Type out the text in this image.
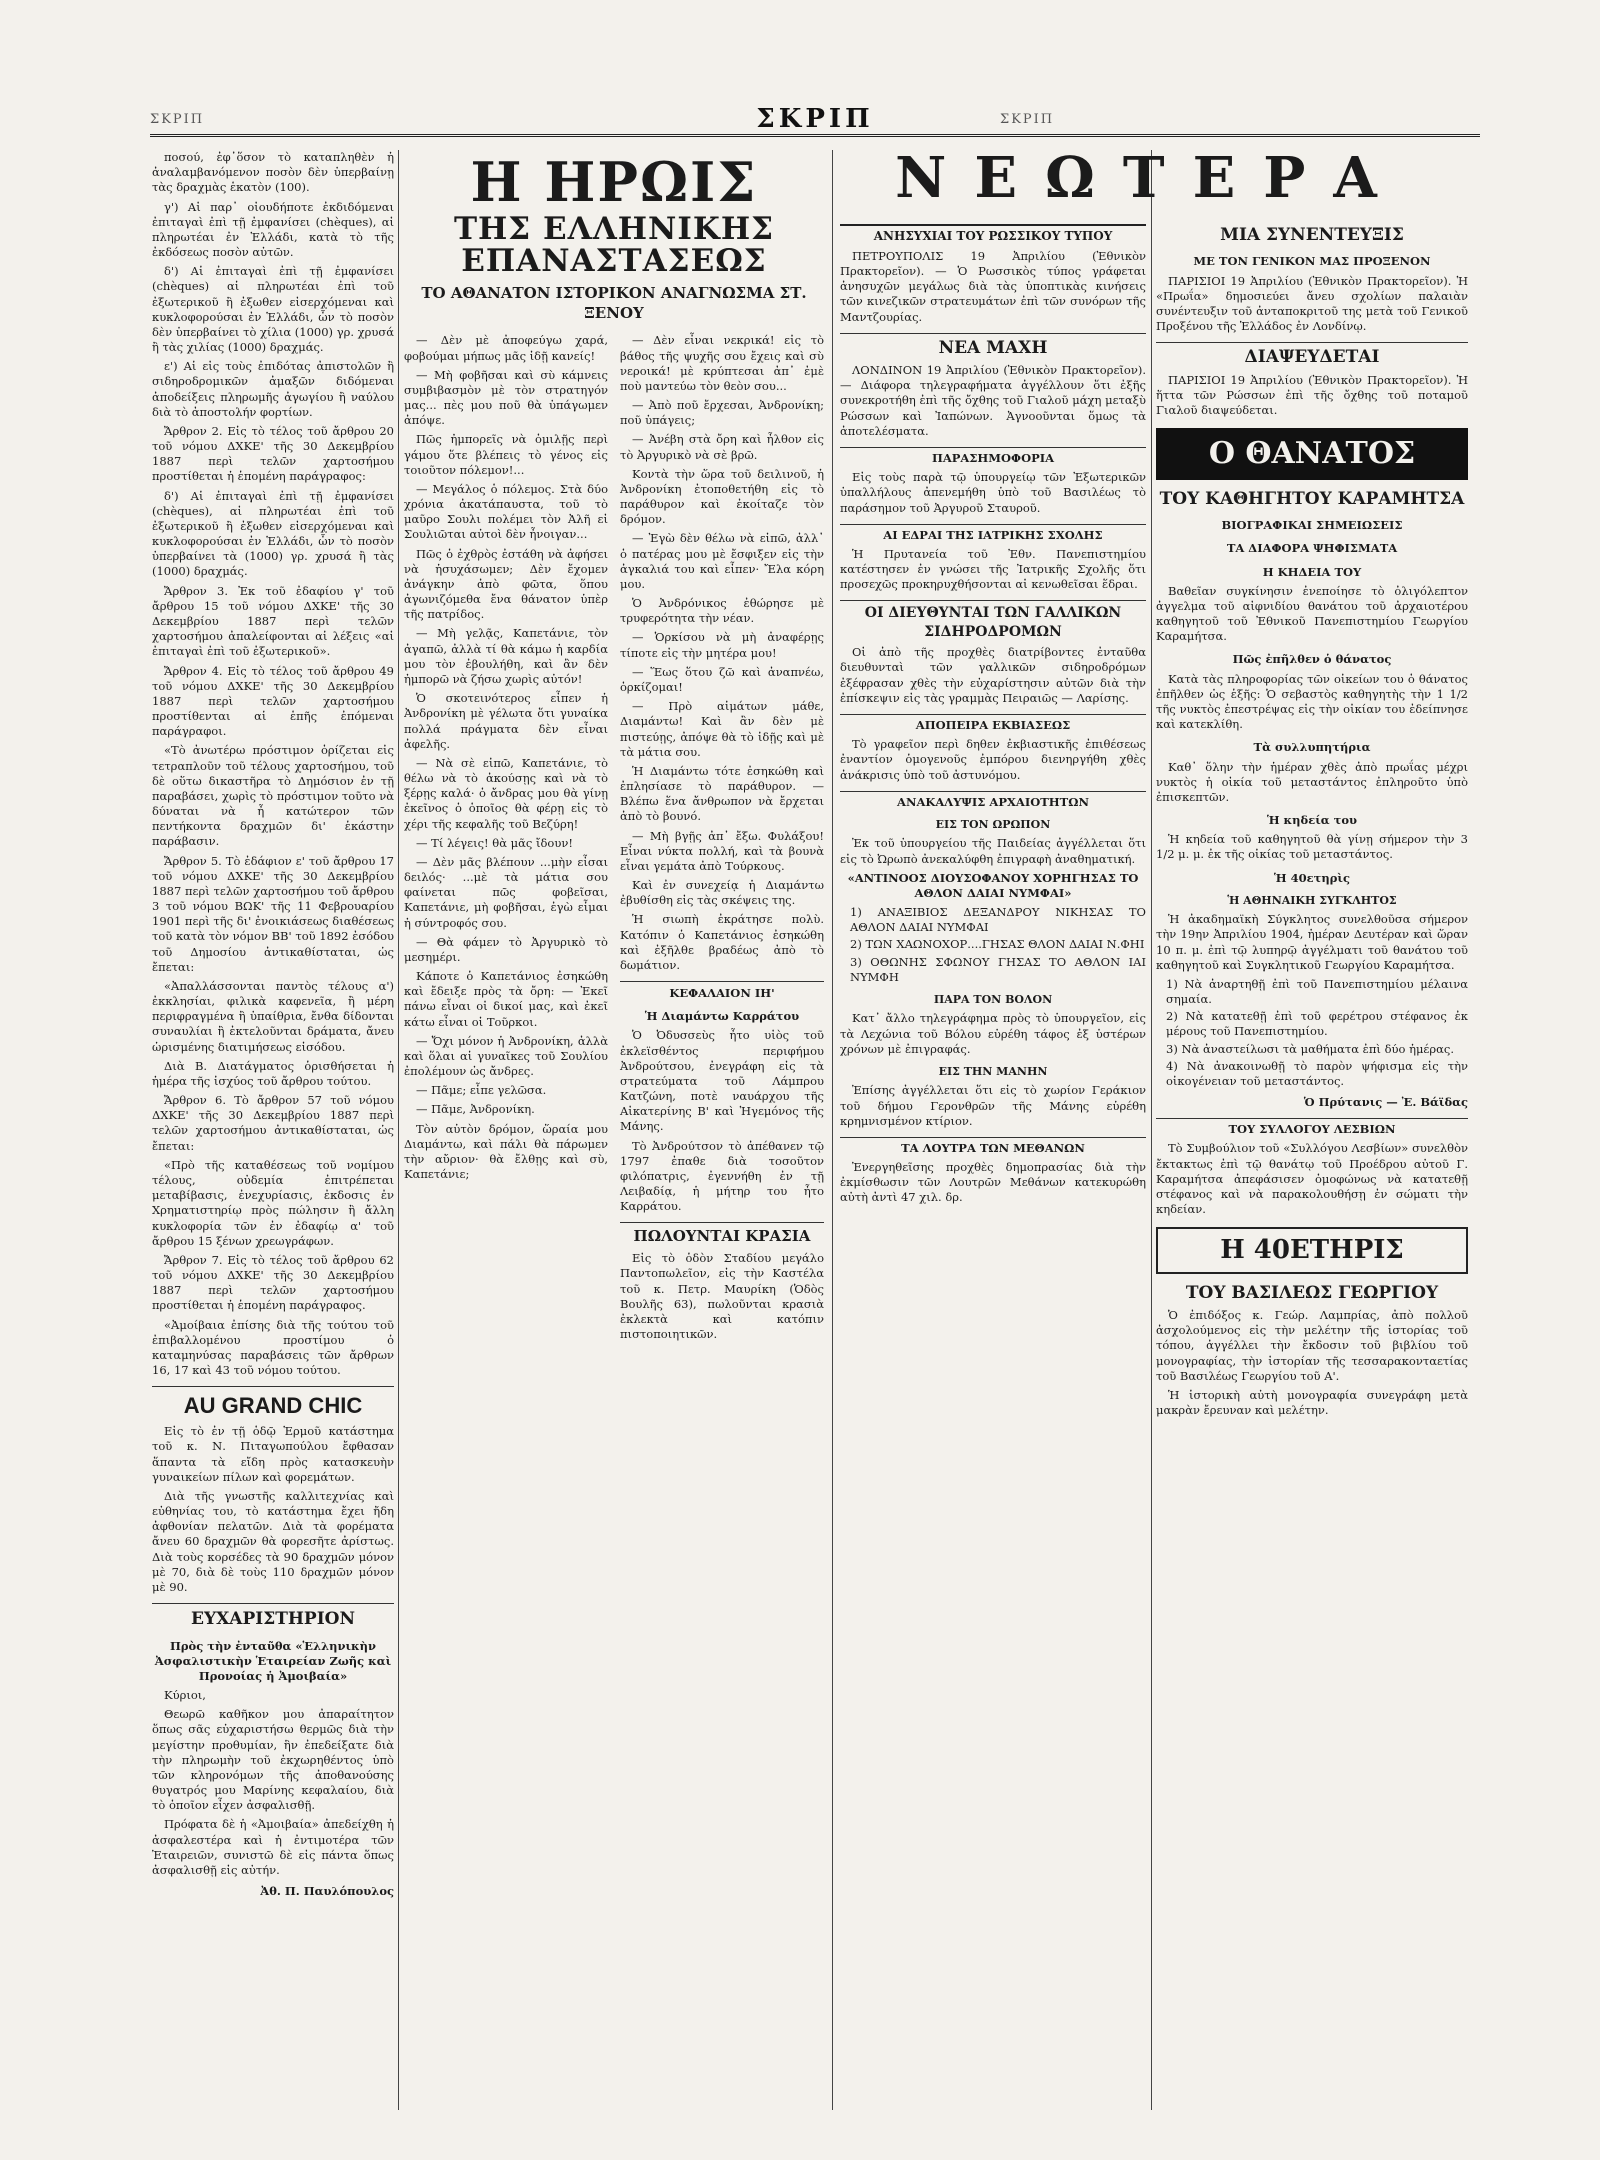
ΣΚΡΙΠ	ΣΚΡΙΠ	ΣΚΡΙΠ

ποσού, ἐφ᾽ὅσον τὸ καταπληθὲν ἡ ἀναλαμβανόμενον ποσὸν δὲν ὑπερβαίνῃ τὰς δραχμὰς ἑκατὸν (100).

γ') Αἱ παρ᾽ οἰουδήποτε ἐκδιδόμεναι ἐπιταγαὶ ἐπὶ τῇ ἐμφανίσει (chèques), αἱ πληρωτέαι ἐν Ἑλλάδι, κατὰ τὸ τῆς ἐκδόσεως ποσὸν αὐτῶν.

δ') Αἱ ἐπιταγαὶ ἐπὶ τῇ ἐμφανίσει (chèques) αἱ πληρωτέαι ἐπὶ τοῦ ἐξωτερικοῦ ἢ ἐξωθεν εἰσερχόμεναι καὶ κυκλοφορούσαι ἐν Ἑλλάδι, ὧν τὸ ποσὸν δὲν ὑπερβαίνει τὸ χίλια (1000) γρ. χρυσά ἢ τὰς χιλίας (1000) δραχμάς.

ε') Αἱ εἰς τοὺς ἐπιδότας ἀπιστολῶν ἢ σιδηροδρομικῶν ἀμαξῶν διδόμεναι ἀποδείξεις πληρωμῆς ἀγωγίου ἢ ναύλου διὰ τὸ ἀποστολήν φορτίων.

Ἄρθρον 2. Εἰς τὸ τέλος τοῦ ἄρθρου 20 τοῦ νόμου ΔΧΚΕ' τῆς 30 Δεκεμβρίου 1887 περὶ τελῶν χαρτοσήμου προστίθεται ἡ ἑπομένη παράγραφος:

δ') Αἱ ἐπιταγαὶ ἐπὶ τῇ ἐμφανίσει (chèques), αἱ πληρωτέαι ἐπὶ τοῦ ἐξωτερικοῦ ἢ ἐξωθεν εἰσερχόμεναι καὶ κυκλοφορούσαι ἐν Ἑλλάδι, ὧν τὸ ποσὸν ὑπερβαίνει τὰ (1000) γρ. χρυσά ἢ τὰς (1000) δραχμάς.

Ἄρθρον 3. Ἐκ τοῦ ἐδαφίου γ' τοῦ ἄρθρου 15 τοῦ νόμου ΔΧΚΕ' τῆς 30 Δεκεμβρίου 1887 περὶ τελῶν χαρτοσήμου ἀπαλείφονται αἱ λέξεις «αἱ ἐπιταγαὶ ἐπὶ τοῦ ἐξωτερικοῦ».

Ἄρθρον 4. Εἰς τὸ τέλος τοῦ ἄρθρου 49 τοῦ νόμου ΔΧΚΕ' τῆς 30 Δεκεμβρίου 1887 περὶ τελῶν χαρτοσήμου προστίθενται αἱ ἑπῆς ἐπόμεναι παράγραφοι.

«Τὸ ἀνωτέρω πρόστιμον ὁρίζεται εἰς τετραπλοῦν τοῦ τέλους χαρτοσήμου, τοῦ δὲ οὕτω δικαστῆρα τὸ Δημόσιον ἐν τῇ παραβάσει, χωρὶς τὸ πρόστιμον τοῦτο νὰ δύναται νὰ ἦ κατώτερον τῶν πεντήκοντα δραχμῶν δι' ἑκάστην παράβασιν.

Ἄρθρον 5. Τὸ ἐδάφιον ε' τοῦ ἄρθρου 17 τοῦ νόμου ΔΧΚΕ' τῆς 30 Δεκεμβρίου 1887 περὶ τελῶν χαρτοσήμου τοῦ ἄρθρου 3 τοῦ νόμου ΒΩΚ' τῆς 11 Φεβρουαρίου 1901 περὶ τῆς δι' ἐνοικιάσεως διαθέσεως τοῦ κατὰ τὸν νόμον ΒΒ' τοῦ 1892 ἐσόδου τοῦ Δημοσίου ἀντικαθίσταται, ὡς ἔπεται:

«Ἀπαλλάσσονται παντὸς τέλους α') ἐκκλησίαι, φιλικὰ καφενεῖα, ἢ μέρη περιφραγμένα ἢ ὑπαίθρια, ἔνθα δίδονται συναυλίαι ἢ ἐκτελοῦνται δράματα, ἄνευ ὡρισμένης διατιμήσεως εἰσόδου.

Διὰ Β. Διατάγματος ὁρισθήσεται ἡ ἡμέρα τῆς ἰσχύος τοῦ ἄρθρου τούτου.

Ἄρθρον 6. Τὸ ἄρθρον 57 τοῦ νόμου ΔΧΚΕ' τῆς 30 Δεκεμβρίου 1887 περὶ τελῶν χαρτοσήμου ἀντικαθίσταται, ὡς ἔπεται:

«Πρὸ τῆς καταθέσεως τοῦ νομίμου τέλους, οὐδεμία ἐπιτρέπεται μεταβίβασις, ἐνεχυρίασις, ἐκδοσις ἐν Χρηματιστηρίῳ πρὸς πώλησιν ἢ ἄλλη κυκλοφορία τῶν ἐν ἐδαφίῳ α' τοῦ ἄρθρου 15 ξένων χρεωγράφων.

Ἄρθρον 7. Εἰς τὸ τέλος τοῦ ἄρθρου 62 τοῦ νόμου ΔΧΚΕ' τῆς 30 Δεκεμβρίου 1887 περὶ τελῶν χαρτοσήμου προστίθεται ἡ ἑπομένη παράγραφος.

«Ἀμοίβαια ἐπίσης διὰ τῆς τούτου τοῦ ἐπιβαλλομένου προστίμου ὁ καταμηνύσας παραβάσεις τῶν ἄρθρων 16, 17 καὶ 43 τοῦ νόμου τούτου.

AU GRAND CHIC

Εἰς τὸ ἐν τῇ ὁδῷ Ἑρμοῦ κατάστημα τοῦ κ. Ν. Πιταγωπούλου ἔφθασαν ἅπαντα τὰ εἴδη πρὸς κατασκευὴν γυναικείων πίλων καὶ φορεμάτων.

Διὰ τῆς γνωστῆς καλλιτεχνίας καὶ εὐθηνίας του, τὸ κατάστημα ἔχει ἤδη ἀφθονίαν πελατῶν. Διὰ τὰ φορέματα ἄνευ 60 δραχμῶν θὰ φορεσῆτε ἀρίστως. Διὰ τοὺς κορσέδες τὰ 90 δραχμῶν μόνον μὲ 70, διὰ δὲ τοὺς 110 δραχμῶν μόνον μὲ 90.

ΕΥΧΑΡΙΣΤΗΡΙΟΝ
Πρὸς τὴν ἐνταῦθα «Ἑλληνικὴν Ἀσφαλιστικὴν Ἑταιρείαν Ζωῆς καὶ Προνοίας ἡ Ἀμοιβαία»

Κύριοι,

Θεωρῶ καθῆκον μου ἀπαραίτητον ὅπως σᾶς εὐχαριστήσω θερμῶς διὰ τὴν μεγίστην προθυμίαν, ἣν ἐπεδείξατε διὰ τὴν πληρωμὴν τοῦ ἐκχωρηθέντος ὑπὸ τῶν κληρονόμων τῆς ἀποθανούσης θυγατρός μου Μαρίνης κεφαλαίου, διὰ τὸ ὁποῖον εἶχεν ἀσφαλισθῇ.

Πρόφατα δὲ ἡ «Ἀμοιβαία» ἀπεδείχθη ἡ ἀσφαλεστέρα καὶ ἡ ἐντιμοτέρα τῶν Ἐταιρειῶν, συνιστῶ δὲ εἰς πάντα ὅπως ἀσφαλισθῇ εἰς αὐτήν.

Ἀθ. Π. Παυλόπουλος
Η ΗΡΩΙΣ
ΤΗΣ ΕΛΛΗΝΙΚΗΣ ΕΠΑΝΑΣΤΑΣΕΩΣ
ΤΟ ΑΘΑΝΑΤΟΝ ΙΣΤΟΡΙΚΟΝ ΑΝΑΓΝΩΣΜΑ ΣΤ. ΞΕΝΟΥ

— Δὲν μὲ ἀποφεύγω χαρά, φοβούμαι μήπως μᾶς ἰδῇ κανείς!

— Μὴ φοβῆσαι καὶ σὺ κάμνεις συμβιβασμὸν μὲ τὸν στρατηγόν μας... πὲς μου ποῦ θὰ ὑπάγωμεν ἀπόψε.

Πῶς ἠμπορεῖς νὰ ὁμιλῇς περὶ γάμου ὅτε βλέπεις τὸ γένος εἰς τοιοῦτον πόλεμον!...

— Μεγάλος ὁ πόλεμος. Στὰ δύο χρόνια ἀκατάπαυστα, τοῦ τὸ μαῦρο Σουλι πολέμει τὸν Ἀλῆ εἰ Σουλιῶται αὐτοὶ δὲν ἦνοιγαν...

Πῶς ὁ ἐχθρὸς ἐστάθη νὰ ἀφήσει νὰ ἡσυχάσωμεν; Δὲν ἔχομεν ἀνάγκην ἀπὸ φῶτα, ὅπου ἀγωνιζόμεθα ἔνα θάνατον ὑπὲρ τῆς πατρίδος.

— Μὴ γελᾷς, Καπετάνιε, τὸν ἀγαπῶ, ἀλλὰ τί θὰ κάμω ἡ καρδία μου τὸν ἐβουλήθη, καὶ ἂν δὲν ἠμπορῶ νὰ ζήσω χωρὶς αὐτόν!

Ὁ σκοτεινότερος εἶπεν ἡ Ἀνδρονίκη μὲ γέλωτα ὅτι γυναίκα πολλά πράγματα δὲν εἶναι ἀφελῆς.

— Νὰ σὲ εἰπῶ, Καπετάνιε, τὸ θέλω νὰ τὸ ἀκούσῃς καὶ νὰ τὸ ξέρῃς καλά· ὁ ἄνδρας μου θὰ γίνῃ ἐκεῖνος ὁ ὁποῖος θὰ φέρῃ εἰς τὸ χέρι τῆς κεφαλῆς τοῦ Βεζύρη!

— Τί λέγεις! θὰ μᾶς ἴδουν!

— Δὲν μᾶς βλέπουν ...μὴν εἶσαι δειλός· ...μὲ τὰ μάτια σου φαίνεται πῶς φοβεῖσαι, Καπετάνιε, μὴ φοβῆσαι, ἐγὼ εἶμαι ἡ σύντροφός σου.

— Θὰ φάμεν τὸ Ἀργυρικὸ τὸ μεσημέρι.

Κάποτε ὁ Καπετάνιος ἐσηκώθη καὶ ἔδειξε πρὸς τὰ ὄρη: — Ἐκεῖ πάνω εἶναι οἱ δικοί μας, καὶ ἐκεῖ κάτω εἶναι οἱ Τοῦρκοι.

— Ὄχι μόνον ἡ Ἀνδρονίκη, ἀλλὰ καὶ ὅλαι αἱ γυναῖκες τοῦ Σουλίου ἐπολέμουν ὡς ἄνδρες.

— Πᾶμε; εἶπε γελῶσα.

— Πᾶμε, Ἀνδρονίκη.

Τὸν αὐτὸν δρόμον, ὥραία μου Διαμάντω, καὶ πάλι θὰ πάρωμεν τὴν αὔριον· θὰ ἔλθῃς καὶ σὺ, Καπετάνιε;

— Δὲν εἶναι νεκρικά! εἰς τὸ βάθος τῆς ψυχῆς σου ἔχεις καὶ σὺ νεροικά! μὲ κρύπτεσαι ἀπ᾽ ἐμὲ ποὺ μαντεύω τὸν θεὸν σου...

— Ἀπὸ ποῦ ἔρχεσαι, Ἀνδρονίκη; ποῦ ὑπάγεις;

— Ἀνέβη στὰ ὄρη καὶ ἦλθον εἰς τὸ Ἀργυρικὸ νὰ σὲ βρῶ.

Κοντὰ τὴν ὥρα τοῦ δειλινοῦ, ἡ Ἀνδρονίκη ἐτοποθετήθη εἰς τὸ παράθυρον καὶ ἐκοίταζε τὸν δρόμον.

— Ἐγὼ δὲν θέλω νὰ εἰπῶ, ἀλλ᾽ ὁ πατέρας μου μὲ ἔσφιξεν εἰς τὴν ἀγκαλιά του καὶ εἶπεν· Ἔλα κόρη μου.

Ὁ Ἀνδρόνικος ἐθώρησε μὲ τρυφερότητα τὴν νέαν.

— Ὁρκίσου νὰ μὴ ἀναφέρῃς τίποτε εἰς τὴν μητέρα μου!

— Ἕως ὅτου ζῶ καὶ ἀναπνέω, ὁρκίζομαι!

— Πρὸ αἰμάτων μάθε, Διαμάντω! Καὶ ἂν δὲν μὲ πιστεύῃς, ἀπόψε θὰ τὸ ἰδῇς καὶ μὲ τὰ μάτια σου.

Ἡ Διαμάντω τότε ἐσηκώθη καὶ ἐπλησίασε τὸ παράθυρον. — Βλέπω ἕνα ἄνθρωπον νὰ ἔρχεται ἀπὸ τὸ βουνό.

— Μὴ βγῇς ἀπ᾽ ἔξω. Φυλάξου! Εἶναι νύκτα πολλή, καὶ τὰ βουνὰ εἶναι γεμάτα ἀπὸ Τούρκους.

Καὶ ἐν συνεχείᾳ ἡ Διαμάντω ἐβυθίσθη εἰς τὰς σκέψεις της.

Ἡ σιωπὴ ἐκράτησε πολὺ. Κατόπιν ὁ Καπετάνιος ἐσηκώθη καὶ ἐξῆλθε βραδέως ἀπὸ τὸ δωμάτιον.

ΚΕΦΑΛΑΙΟΝ ΙΗ'
Ἡ Διαμάντω Καρράτου

Ὁ Ὀδυσσεὺς ἦτο υἱὸς τοῦ ἐκλεϊσθέντος περιφήμου Ἀνδρούτσου, ἐνεγράφη εἰς τὰ στρατεύματα τοῦ Λάμπρου Κατζώνη, ποτὲ ναυάρχου τῆς Αἰκατερίνης Β' καὶ Ἡγεμόνος τῆς Μάνης.

Τὸ Ἀνδρούτσον τὸ ἀπέθανεν τῷ 1797 ἐπαθε διὰ τοσοῦτον φιλόπατρις, ἐγεννήθη ἐν τῇ Λειβαδίᾳ, ἡ μήτηρ του ἦτο Καρράτου.

ΠΩΛΟΥΝΤΑΙ ΚΡΑΣΙΑ

Εἰς τὸ ὁδὸν Σταδίου μεγάλο Παντοπωλεῖον, εἰς τὴν Καστέλα τοῦ κ. Πετρ. Μαυρίκη (Ὁδὸς Βουλῆς 63), πωλοῦνται κρασιὰ ἐκλεκτὰ καὶ κατόπιν πιστοποιητικῶν.

ΝΕΩΤΕΡΑ
ΑΝΗΣΥΧΙΑΙ ΤΟΥ ΡΩΣΣΙΚΟΥ ΤΥΠΟΥ

ΠΕΤΡΟΥΠΟΛΙΣ 19 Ἀπριλίου (Ἐθνικὸν Πρακτορεῖον). — Ὁ Ρωσσικὸς τύπος γράφεται ἀνησυχῶν μεγάλως διὰ τὰς ὑποπτικὰς κινήσεις τῶν κινεζικῶν στρατευμάτων ἐπὶ τῶν συνόρων τῆς Μαντζουρίας.

ΝΕΑ ΜΑΧΗ

ΛΟΝΔΙΝΟΝ 19 Ἀπριλίου (Ἐθνικὸν Πρακτορεῖον). — Διάφορα τηλεγραφήματα ἀγγέλλουν ὅτι ἐξῆς συνεκροτήθη ἐπὶ τῆς ὄχθης τοῦ Γιαλοῦ μάχη μεταξὺ Ρώσσων καὶ Ἰαπώνων. Ἀγνοοῦνται ὅμως τὰ ἀποτελέσματα.

ΠΑΡΑΣΗΜΟΦΟΡΙΑ

Εἰς τοὺς παρὰ τῷ ὑπουργείῳ τῶν Ἐξωτερικῶν ὑπαλλήλους ἀπενεμήθη ὑπὸ τοῦ Βασιλέως τὸ παράσημον τοῦ Ἀργυροῦ Σταυροῦ.

ΑΙ ΕΔΡΑΙ ΤΗΣ ΙΑΤΡΙΚΗΣ ΣΧΟΛΗΣ

Ἡ Πρυτανεία τοῦ Ἐθν. Πανεπιστημίου κατέστησεν ἐν γνώσει τῆς Ἰατρικῆς Σχολῆς ὅτι προσεχῶς προκηρυχθήσονται αἱ κενωθεῖσαι ἕδραι.

ΟΙ ΔΙΕΥΘΥΝΤΑΙ ΤΩΝ ΓΑΛΛΙΚΩΝ ΣΙΔΗΡΟΔΡΟΜΩΝ

Οἱ ἀπὸ τῆς προχθὲς διατρίβοντες ἐνταῦθα διευθυνταὶ τῶν γαλλικῶν σιδηροδρόμων ἐξέφρασαν χθὲς τὴν εὐχαρίστησιν αὐτῶν διὰ τὴν ἐπίσκεψιν εἰς τὰς γραμμὰς Πειραιῶς — Λαρίσης.

ΑΠΟΠΕΙΡΑ ΕΚΒΙΑΣΕΩΣ

Τὸ γραφεῖον περὶ δηθεν ἐκβιαστικῆς ἐπιθέσεως ἐναντίον ὁμογενοῦς ἐμπόρου διενηργήθη χθὲς ἀνάκρισις ὑπὸ τοῦ ἀστυνόμου.

ΑΝΑΚΑΛΥΨΙΣ ΑΡΧΑΙΟΤΗΤΩΝ
ΕΙΣ ΤΟΝ ΩΡΩΠΟΝ

Ἐκ τοῦ ὑπουργείου τῆς Παιδείας ἀγγέλλεται ὅτι εἰς τὸ Ὠρωπὸ ἀνεκαλύφθη ἐπιγραφὴ ἀναθηματική.

«ΑΝΤΙΝΟΟΣ ΔΙΟΥΣΟΦΑΝΟΥ ΧΟΡΗΓΗΣΑΣ ΤΟ ΑΘΛΟΝ ΔΑΙΑΙ ΝΥΜΦΑΙ»
1) ΑΝΑΞΙΒΙΟΣ ΔΕΞΑΝΔΡΟΥ ΝΙΚΗΣΑΣ ΤΟ ΑΘΛΟΝ ΔΑΙΑΙ ΝΥΜΦΑΙ
2) ΤΩΝ ΧΑΩΝΟΧΟΡ....ΓΗΣΑΣ ΘΛΟΝ ΔΑΙΑΙ Ν.ΦΗΙ
3) ΟΘΩΝΗΣ ΣΦΩΝΟΥ ΓΗΣΑΣ ΤΟ ΑΘΛΟΝ ΙΑΙ ΝΥΜΦΗ
ΠΑΡΑ ΤΟΝ ΒΟΛΟΝ

Κατ᾽ ἄλλο τηλεγράφημα πρὸς τὸ ὑπουργεῖον, εἰς τὰ Λεχώνια τοῦ Βόλου εὑρέθη τάφος ἐξ ὑστέρων χρόνων μὲ ἐπιγραφάς.

ΕΙΣ ΤΗΝ ΜΑΝΗΝ

Ἐπίσης ἀγγέλλεται ὅτι εἰς τὸ χωρίον Γεράκιον τοῦ δήμου Γερονθρῶν τῆς Μάνης εὑρέθη κρημνισμένον κτίριον.

ΤΑ ΛΟΥΤΡΑ ΤΩΝ ΜΕΘΑΝΩΝ

Ἐνεργηθεῖσης προχθὲς δημοπρασίας διὰ τὴν ἐκμίσθωσιν τῶν Λουτρῶν Μεθάνων κατεκυρώθη αὐτὴ ἀντὶ 47 χιλ. δρ.

ΜΙΑ ΣΥΝΕΝΤΕΥΞΙΣ
ΜΕ ΤΟΝ ΓΕΝΙΚΟΝ ΜΑΣ ΠΡΟΞΕΝΟΝ

ΠΑΡΙΣΙΟΙ 19 Ἀπριλίου (Ἐθνικὸν Πρακτορεῖον). Ἡ «Πρωΐα» δημοσιεύει ἄνευ σχολίων παλαιὰν συνέντευξιν τοῦ ἀνταποκριτοῦ της μετὰ τοῦ Γενικοῦ Προξένου τῆς Ἑλλάδος ἐν Λονδίνῳ.

ΔΙΑΨΕΥΔΕΤΑΙ

ΠΑΡΙΣΙΟΙ 19 Ἀπριλίου (Ἐθνικὸν Πρακτορεῖον). Ἡ ἥττα τῶν Ρώσσων ἐπὶ τῆς ὄχθης τοῦ ποταμοῦ Γιαλοῦ διαψεύδεται.

Ο ΘΑΝΑΤΟΣ
ΤΟΥ ΚΑΘΗΓΗΤΟΥ ΚΑΡΑΜΗΤΣΑ
ΒΙΟΓΡΑΦΙΚΑΙ ΣΗΜΕΙΩΣΕΙΣ
ΤΑ ΔΙΑΦΟΡΑ ΨΗΦΙΣΜΑΤΑ
Η ΚΗΔΕΙΑ ΤΟΥ

Βαθεῖαν συγκίνησιν ἐνεποίησε τὸ ὀλιγόλεπτον ἀγγελμα τοῦ αἰφνιδίου θανάτου τοῦ ἀρχαιοτέρου καθηγητοῦ τοῦ Ἐθνικοῦ Πανεπιστημίου Γεωργίου Καραμήτσα.

Πῶς ἐπῆλθεν ὁ θάνατος

Κατὰ τὰς πληροφορίας τῶν οἰκείων του ὁ θάνατος ἐπῆλθεν ὡς ἑξῆς: Ὁ σεβαστὸς καθηγητὴς τὴν 1 1/2 τῆς νυκτὸς ἐπεστρέψας εἰς τὴν οἰκίαν του ἐδείπνησε καὶ κατεκλίθη.

Τὰ συλλυπητήρια

Καθ᾽ ὅλην τὴν ἡμέραν χθὲς ἀπὸ πρωΐας μέχρι νυκτὸς ἡ οἰκία τοῦ μεταστάντος ἐπληροῦτο ὑπὸ ἐπισκεπτῶν.

Ἡ κηδεία του

Ἡ κηδεία τοῦ καθηγητοῦ θὰ γίνῃ σήμερον τὴν 3 1/2 μ. μ. ἐκ τῆς οἰκίας τοῦ μεταστάντος.

Ἡ 40ετηρὶς
Ἡ ΑΘΗΝΑΙΚΗ ΣΥΓΚΛΗΤΟΣ

Ἡ ἀκαδημαϊκὴ Σύγκλητος συνελθοῦσα σήμερον τὴν 19ην Ἀπριλίου 1904, ἡμέραν Δευτέραν καὶ ὥραν 10 π. μ. ἐπὶ τῷ λυπηρῷ ἀγγέλματι τοῦ θανάτου τοῦ καθηγητοῦ καὶ Συγκλητικοῦ Γεωργίου Καραμήτσα.

1) Νὰ ἀναρτηθῇ ἐπὶ τοῦ Πανεπιστημίου μέλαινα σημαία.
2) Νὰ κατατεθῇ ἐπὶ τοῦ φερέτρου στέφανος ἐκ μέρους τοῦ Πανεπιστημίου.
3) Νὰ ἀναστείλωσι τὰ μαθήματα ἐπὶ δύο ἡμέρας.
4) Νὰ ἀνακοινωθῇ τὸ παρὸν ψήφισμα εἰς τὴν οἰκογένειαν τοῦ μεταστάντος.
Ὁ Πρύτανις — Ἐ. Βάϊδας
ΤΟΥ ΣΥΛΛΟΓΟΥ ΛΕΣΒΙΩΝ

Τὸ Συμβούλιον τοῦ «Συλλόγου Λεσβίων» συνελθὸν ἔκτακτως ἐπὶ τῷ θανάτῳ τοῦ Προέδρου αὐτοῦ Γ. Καραμήτσα ἀπεφάσισεν ὁμοφώνως νὰ κατατεθῇ στέφανος καὶ νὰ παρακολουθήσῃ ἐν σώματι τὴν κηδείαν.

Η 40ΕΤΗΡΙΣ
ΤΟΥ ΒΑΣΙΛΕΩΣ ΓΕΩΡΓΙΟΥ

Ὁ ἐπιδόξος κ. Γεώρ. Λαμπρίας, ἀπὸ πολλοῦ ἀσχολούμενος εἰς τὴν μελέτην τῆς ἱστορίας τοῦ τόπου, ἀγγέλλει τὴν ἔκδοσιν τοῦ βιβλίου τοῦ μονογραφίας, τὴν ἱστορίαν τῆς τεσσαρακονταετίας τοῦ Βασιλέως Γεωργίου τοῦ Α'.

Ἡ ἱστορικὴ αὐτὴ μονογραφία συνεγράφη μετὰ μακρὰν ἔρευναν καὶ μελέτην.
